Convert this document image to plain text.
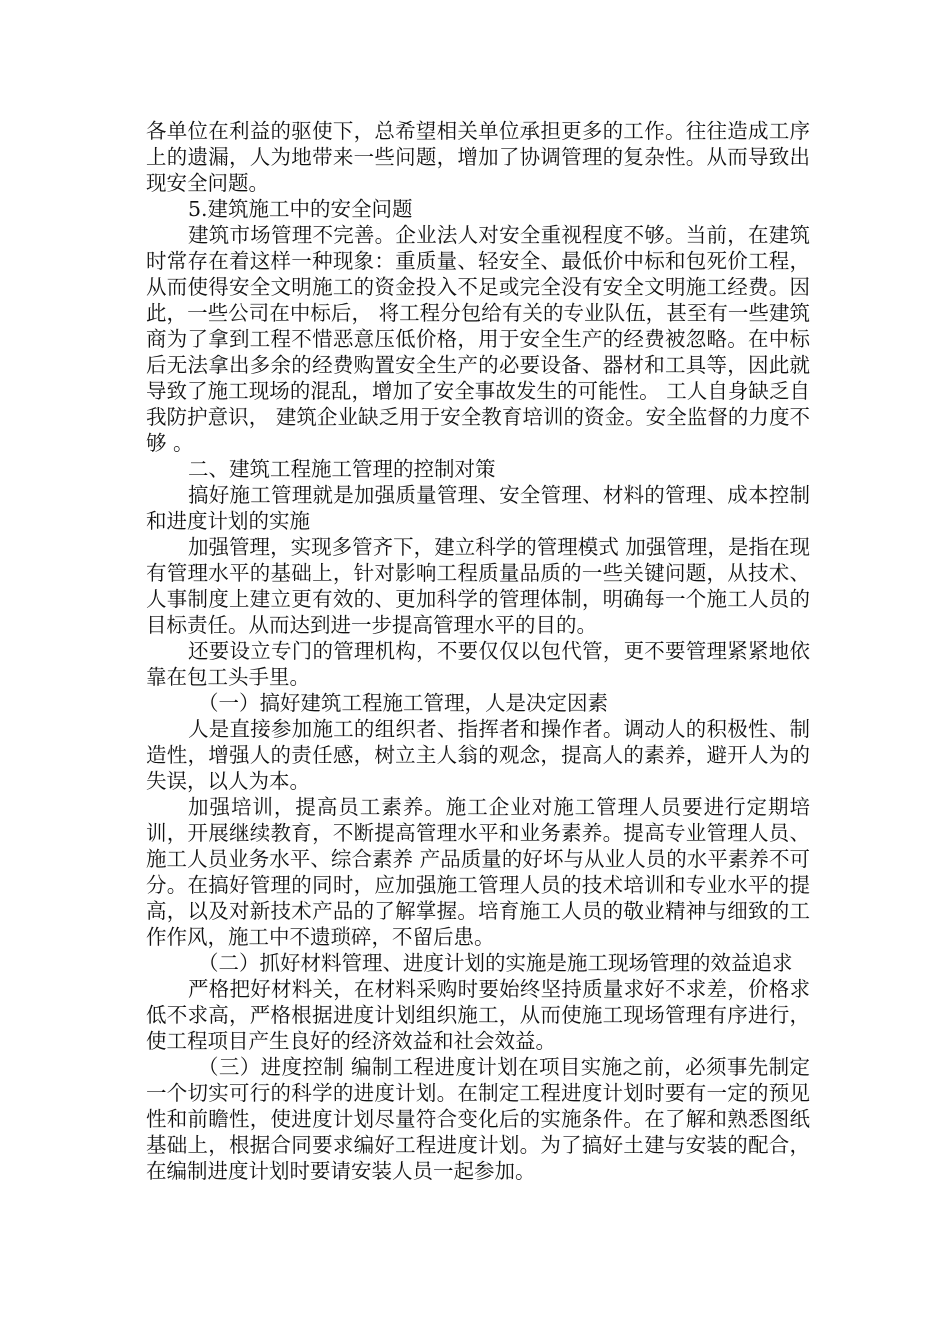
各单位在利益的驱使下，总希望相关单位承担更多的工作。往往造成工序上的遗漏，人为地带来一些问题，增加了协调管理的复杂性。从而导致出现安全问题。

5.建筑施工中的安全问题

建筑市场管理不完善。企业法人对安全重视程度不够。当前，在建筑时常存在着这样一种现象：重质量、轻安全、最低价中标和包死价工程，从而使得安全文明施工的资金投入不足或完全没有安全文明施工经费。因此，一些公司在中标后， 将工程分包给有关的专业队伍，甚至有一些建筑商为了拿到工程不惜恶意压低价格，用于安全生产的经费被忽略。在中标后无法拿出多余的经费购置安全生产的必要设备、器材和工具等，因此就导致了施工现场的混乱，增加了安全事故发生的可能性。 工人自身缺乏自我防护意识， 建筑企业缺乏用于安全教育培训的资金。安全监督的力度不够 。

二、建筑工程施工管理的控制对策

搞好施工管理就是加强质量管理、安全管理、材料的管理、成本控制和进度计划的实施

加强管理，实现多管齐下，建立科学的管理模式 加强管理，是指在现有管理水平的基础上，针对影响工程质量品质的一些关键问题，从技术、人事制度上建立更有效的、更加科学的管理体制，明确每一个施工人员的目标责任。从而达到进一步提高管理水平的目的。

还要设立专门的管理机构，不要仅仅以包代管，更不要管理紧紧地依靠在包工头手里。

（一）搞好建筑工程施工管理，人是决定因素

人是直接参加施工的组织者、指挥者和操作者。调动人的积极性、制造性，增强人的责任感，树立主人翁的观念，提高人的素养，避开人为的失误，以人为本。

加强培训，提高员工素养。施工企业对施工管理人员要进行定期培训，开展继续教育，不断提高管理水平和业务素养。提高专业管理人员、施工人员业务水平、综合素养 产品质量的好坏与从业人员的水平素养不可分。在搞好管理的同时，应加强施工管理人员的技术培训和专业水平的提高，以及对新技术产品的了解掌握。培育施工人员的敬业精神与细致的工作作风，施工中不遗琐碎，不留后患。

（二）抓好材料管理、进度计划的实施是施工现场管理的效益追求

严格把好材料关，在材料采购时要始终坚持质量求好不求差，价格求低不求高，严格根据进度计划组织施工，从而使施工现场管理有序进行，使工程项目产生良好的经济效益和社会效益。

（三）进度控制 编制工程进度计划在项目实施之前，必须事先制定一个切实可行的科学的进度计划。在制定工程进度计划时要有一定的预见性和前瞻性，使进度计划尽量符合变化后的实施条件。在了解和熟悉图纸基础上，根据合同要求编好工程进度计划。为了搞好土建与安装的配合，在编制进度计划时要请安装人员一起参加。
